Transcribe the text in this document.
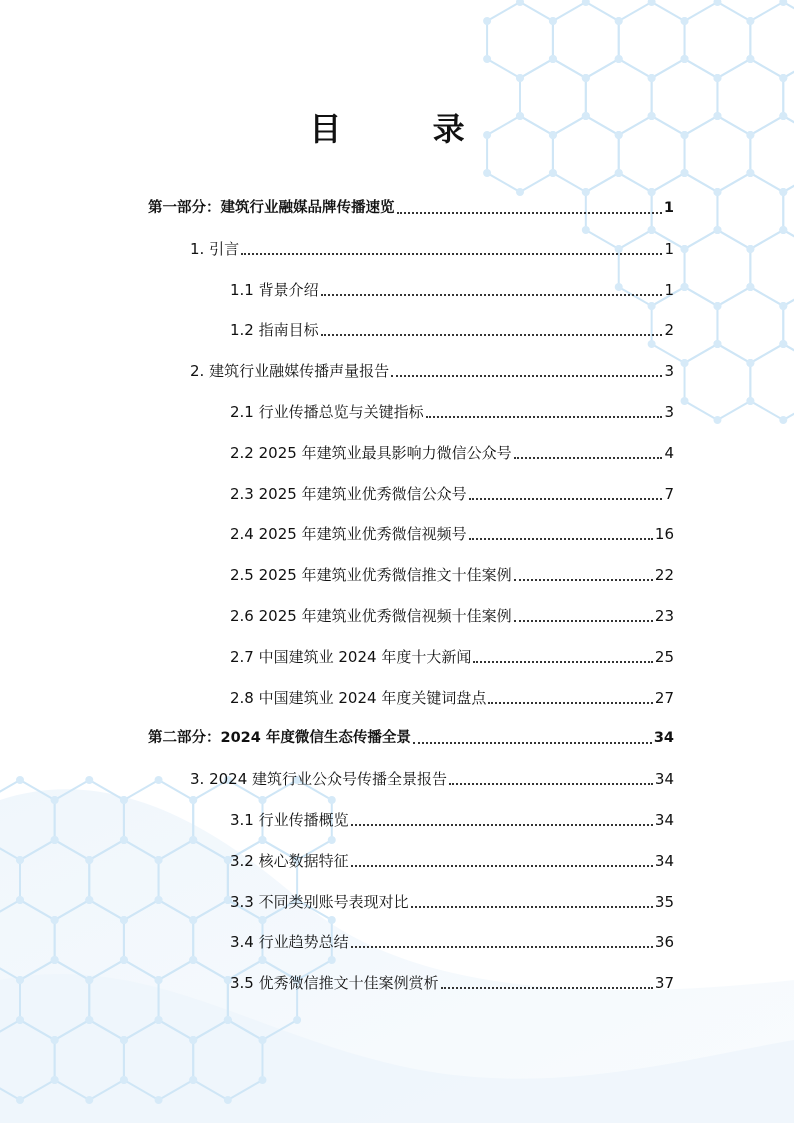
目 录
第一部分：建筑行业融媒品牌传播速览	1
1. 引言	1
1.1 背景介绍	1
1.2 指南目标	2
2. 建筑行业融媒传播声量报告	3
2.1 行业传播总览与关键指标	3
2.2 2025 年建筑业最具影响力微信公众号	4
2.3 2025 年建筑业优秀微信公众号	7
2.4 2025 年建筑业优秀微信视频号	16
2.5 2025 年建筑业优秀微信推文十佳案例	22
2.6 2025 年建筑业优秀微信视频十佳案例	23
2.7 中国建筑业 2024 年度十大新闻	25
2.8 中国建筑业 2024 年度关键词盘点	27
第二部分：2024 年度微信生态传播全景	34
3. 2024 建筑行业公众号传播全景报告	34
3.1 行业传播概览	34
3.2 核心数据特征	34
3.3 不同类别账号表现对比	35
3.4 行业趋势总结	36
3.5 优秀微信推文十佳案例赏析	37
